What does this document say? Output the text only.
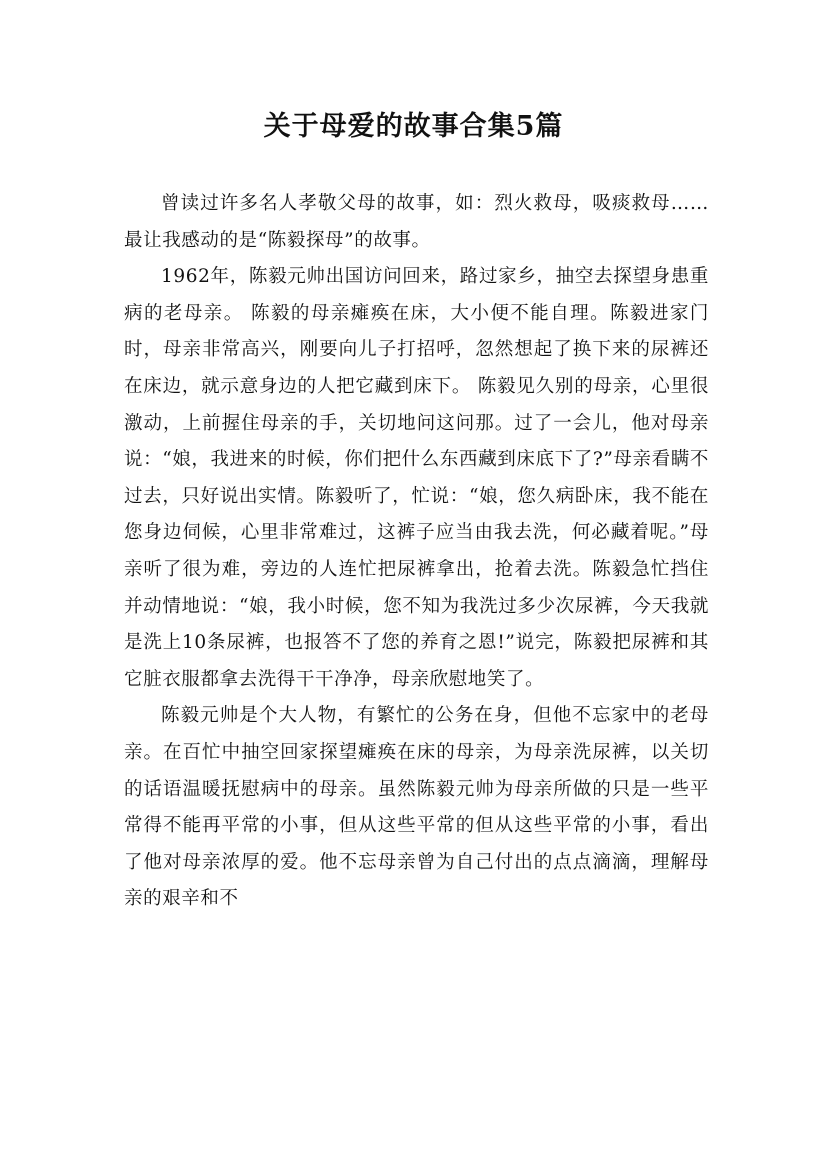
关于母爱的故事合集5篇

曾读过许多名人孝敬父母的故事，如：烈火救母，吸痰救母……最让我感动的是“陈毅探母”的故事。

1962年，陈毅元帅出国访问回来，路过家乡，抽空去探望身患重病的老母亲。 陈毅的母亲瘫痪在床，大小便不能自理。陈毅进家门时，母亲非常高兴，刚要向儿子打招呼，忽然想起了换下来的尿裤还在床边，就示意身边的人把它藏到床下。 陈毅见久别的母亲，心里很激动，上前握住母亲的手，关切地问这问那。过了一会儿，他对母亲说：“娘，我进来的时候，你们把什么东西藏到床底下了?”母亲看瞒不过去，只好说出实情。陈毅听了，忙说：“娘，您久病卧床，我不能在您身边伺候，心里非常难过，这裤子应当由我去洗，何必藏着呢。”母亲听了很为难，旁边的人连忙把尿裤拿出，抢着去洗。陈毅急忙挡住并动情地说：“娘，我小时候，您不知为我洗过多少次尿裤，今天我就是洗上10条尿裤，也报答不了您的养育之恩!”说完，陈毅把尿裤和其它脏衣服都拿去洗得干干净净，母亲欣慰地笑了。

陈毅元帅是个大人物，有繁忙的公务在身，但他不忘家中的老母亲。在百忙中抽空回家探望瘫痪在床的母亲，为母亲洗尿裤，以关切的话语温暖抚慰病中的母亲。虽然陈毅元帅为母亲所做的只是一些平常得不能再平常的小事，但从这些平常的但从这些平常的小事，看出了他对母亲浓厚的爱。他不忘母亲曾为自己付出的点点滴滴，理解母亲的艰辛和不
